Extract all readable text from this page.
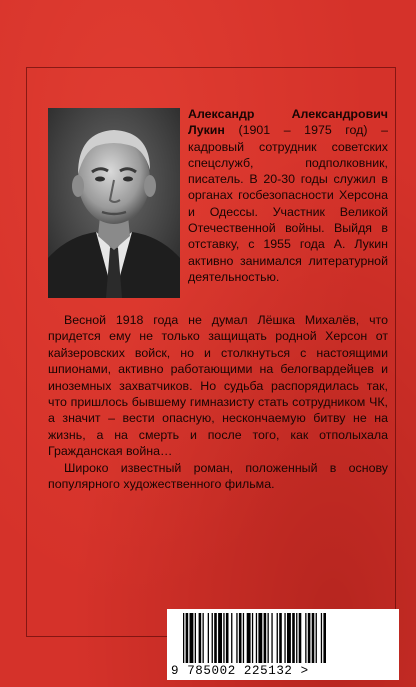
Александр Александрович Лукин (1901 – 1975 год) – кадровый сотрудник советских спецслужб, подполковник, писатель. В 20-30 годы служил в органах госбезопасности Херсона и Одессы. Участник Великой Отечественной войны. Выйдя в отставку, с 1955 года А. Лукин активно занимался литературной деятельностью.

Весной 1918 года не думал Лёшка Михалёв, что придется ему не только защищать родной Херсон от кайзеровских войск, но и столкнуться с настоящими шпионами, активно работающими на белогвардейцев и иноземных захватчиков. Но судьба распорядилась так, что пришлось бывшему гимназисту стать сотрудником ЧК, а значит – вести опасную, нескончаемую битву не на жизнь, а на смерть и после того, как отполыхала Гражданская война…

Широко известный роман, положенный в основу популярного художественного фильма.

9 785002 225132 >
